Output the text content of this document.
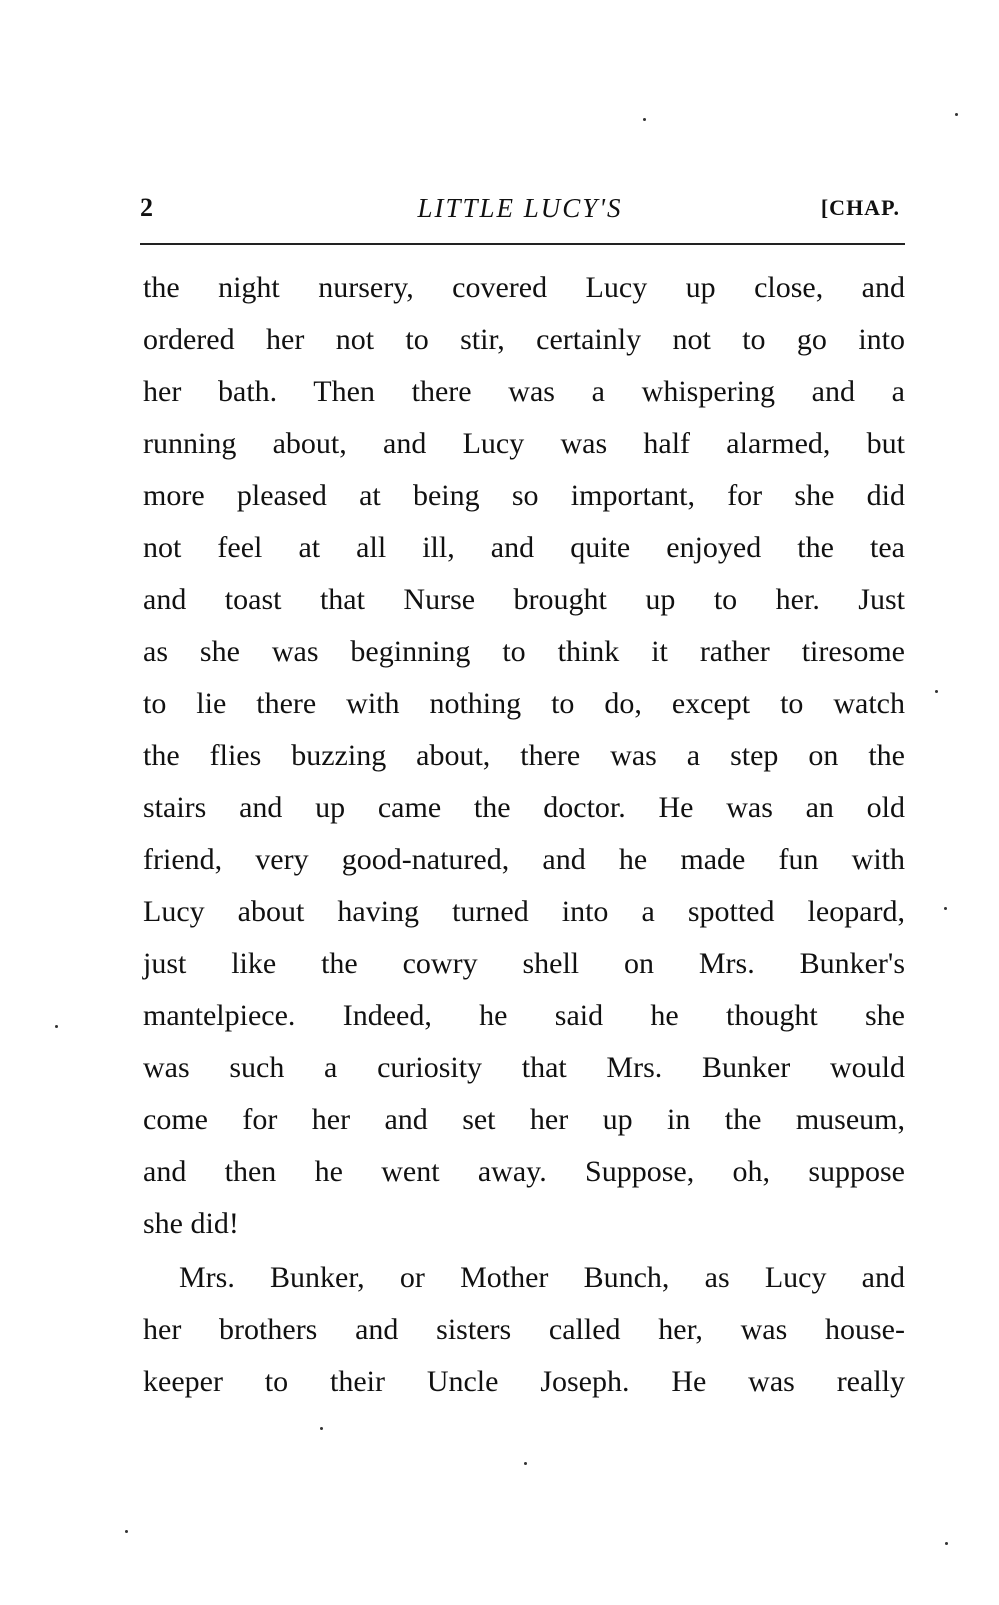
2	LITTLE LUCY'S	[CHAP.
the night nursery, covered Lucy up close, and
ordered her not to stir, certainly not to go into
her bath. Then there was a whispering and a
running about, and Lucy was half alarmed, but
more pleased at being so important, for she did
not feel at all ill, and quite enjoyed the tea
and toast that Nurse brought up to her. Just
as she was beginning to think it rather tiresome
to lie there with nothing to do, except to watch
the flies buzzing about, there was a step on the
stairs and up came the doctor. He was an old
friend, very good-natured, and he made fun with
Lucy about having turned into a spotted leopard,
just like the cowry shell on Mrs. Bunker's
mantelpiece. Indeed, he said he thought she
was such a curiosity that Mrs. Bunker would
come for her and set her up in the museum,
and then he went away. Suppose, oh, suppose
she did!
Mrs. Bunker, or Mother Bunch, as Lucy and
her brothers and sisters called her, was house-
keeper to their Uncle Joseph. He was really
